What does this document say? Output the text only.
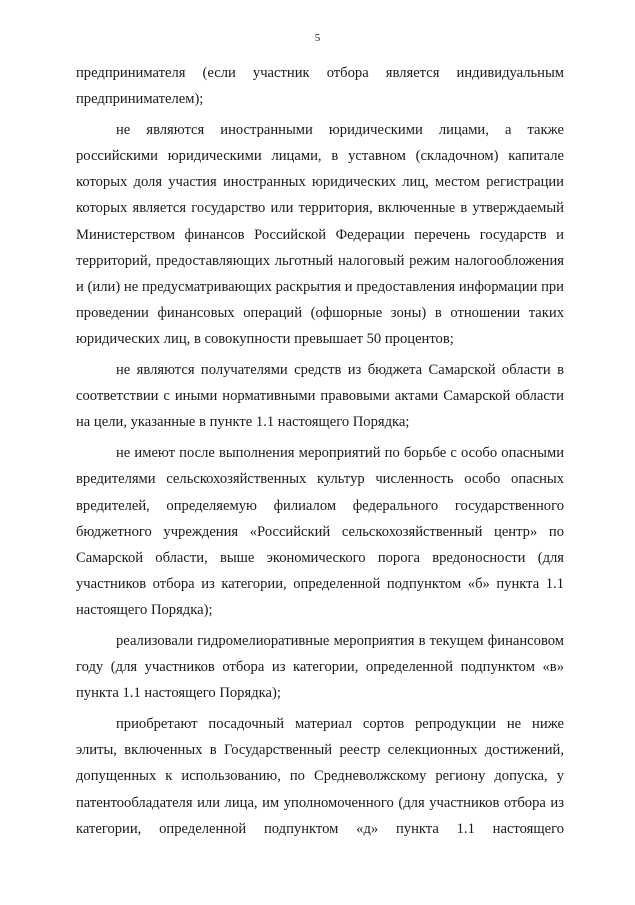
5

предпринимателя (если участник отбора является индивидуальным предпринимателем);

не являются иностранными юридическими лицами, а также российскими юридическими лицами, в уставном (складочном) капитале которых доля участия иностранных юридических лиц, местом регистрации которых является государство или территория, включенные в утверждаемый Министерством финансов Российской Федерации перечень государств и территорий, предоставляющих льготный налоговый режим налогообложения и (или) не предусматривающих раскрытия и предоставления информации при проведении финансовых операций (офшорные зоны) в отношении таких юридических лиц, в совокупности превышает 50 процентов;

не являются получателями средств из бюджета Самарской области в соответствии с иными нормативными правовыми актами Самарской области на цели, указанные в пункте 1.1 настоящего Порядка;

не имеют после выполнения мероприятий по борьбе с особо опасными вредителями сельскохозяйственных культур численность особо опасных вредителей, определяемую филиалом федерального государственного бюджетного учреждения «Российский сельскохозяйственный центр» по Самарской области, выше экономического порога вредоносности (для участников отбора из категории, определенной подпунктом «б» пункта 1.1 настоящего Порядка);

реализовали гидромелиоративные мероприятия в текущем финансовом году (для участников отбора из категории, определенной подпунктом «в» пункта 1.1 настоящего Порядка);

приобретают посадочный материал сортов репродукции не ниже элиты, включенных в Государственный реестр селекционных достижений, допущенных к использованию, по Средневолжскому региону допуска, у патентообладателя или лица, им уполномоченного (для участников отбора из категории, определенной подпунктом «д» пункта 1.1 настоящего
